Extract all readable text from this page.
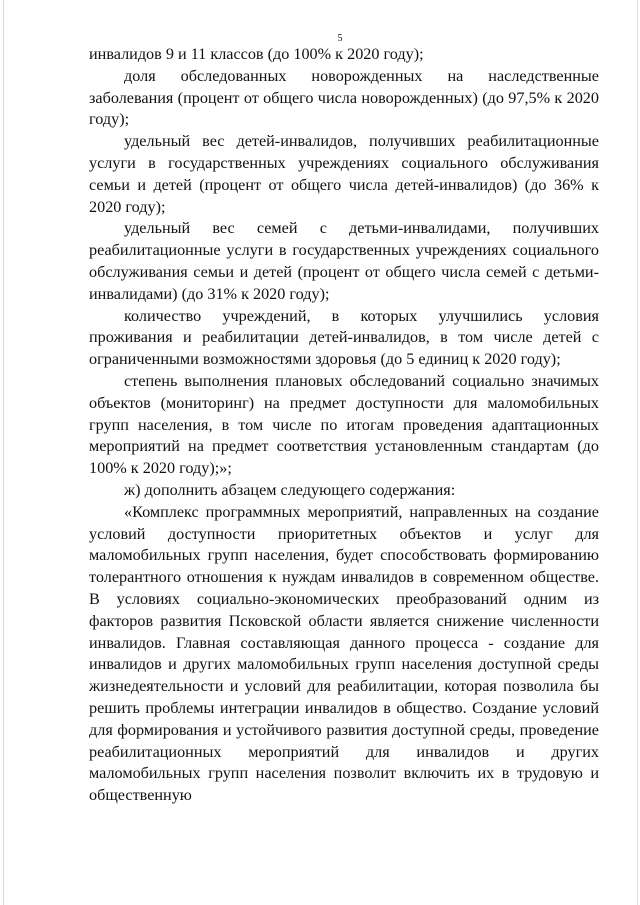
5

инвалидов 9 и 11 классов (до 100% к 2020 году);

доля обследованных новорожденных на наследственные заболевания (процент от общего числа новорожденных) (до 97,5% к 2020 году);

удельный вес детей-инвалидов, получивших реабилитационные услуги в государственных учреждениях социального обслуживания семьи и детей (процент от общего числа детей-инвалидов) (до 36% к 2020 году);

удельный вес семей с детьми-инвалидами, получивших реабилитационные услуги в государственных учреждениях социального обслуживания семьи и детей (процент от общего числа семей с детьми-инвалидами) (до 31% к 2020 году);

количество учреждений, в которых улучшились условия проживания и реабилитации детей-инвалидов, в том числе детей с ограниченными возможностями здоровья (до 5 единиц к 2020 году);

степень выполнения плановых обследований социально значимых объектов (мониторинг) на предмет доступности для маломобильных групп населения, в том числе по итогам проведения адаптационных мероприятий на предмет соответствия установленным стандартам (до 100% к 2020 году);»;

ж) дополнить абзацем следующего содержания:

«Комплекс программных мероприятий, направленных на создание условий доступности приоритетных объектов и услуг для маломобильных групп населения, будет способствовать формированию толерантного отношения к нуждам инвалидов в современном обществе. В условиях социально-экономических преобразований одним из факторов развития Псковской области является снижение численности инвалидов. Главная составляющая данного процесса - создание для инвалидов и других маломобильных групп населения доступной среды жизнедеятельности и условий для реабилитации, которая позволила бы решить проблемы интеграции инвалидов в общество. Создание условий для формирования и устойчивого развития доступной среды, проведение реабилитационных мероприятий для инвалидов и других маломобильных групп населения позволит включить их в трудовую и общественную
